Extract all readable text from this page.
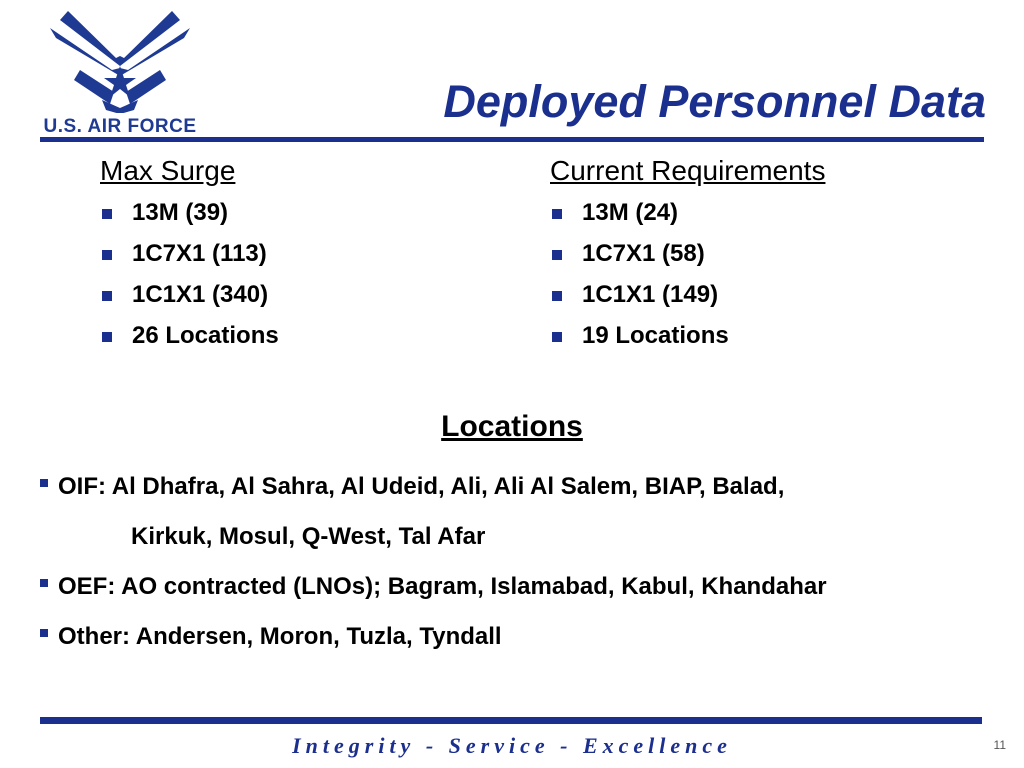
U.S. AIR FORCE	Deployed Personnel Data
Max Surge
13M (39)
1C7X1 (113)
1C1X1 (340)
26 Locations
Current Requirements
13M (24)
1C7X1 (58)
1C1X1 (149)
19 Locations
Locations
OIF: Al Dhafra, Al Sahra, Al Udeid, Ali, Ali Al Salem, BIAP, Balad,
Kirkuk, Mosul, Q-West, Tal Afar
OEF: AO contracted (LNOs); Bagram, Islamabad, Kabul, Khandahar
Other: Andersen, Moron, Tuzla, Tyndall
Integrity - Service - Excellence	11
